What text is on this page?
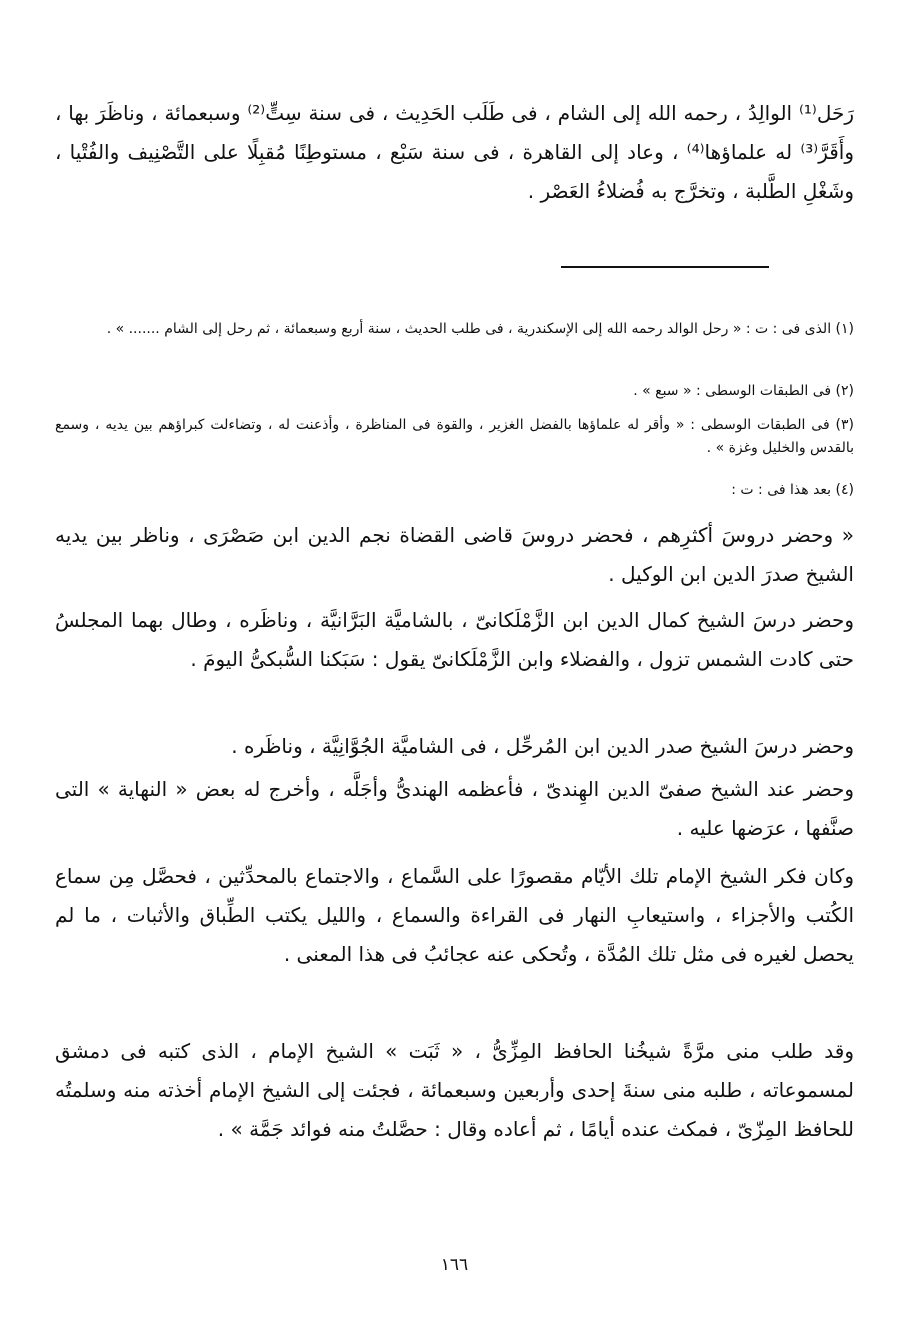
رَحَل⁽¹⁾ الوالِدُ ، رحمه الله إلى الشام ، فى طَلَب الحَدِيث ، فى سنة سِتٍّ⁽²⁾ وسبعمائة ، وناظَرَ بها ، وأَقَرَّ⁽³⁾ له علماؤها⁽⁴⁾ ، وعاد إلى القاهرة ، فى سنة سَبْع ، مستوطِنًا مُقبِلًا على التَّصْنِيف والفُتْيا ، وشَغْلِ الطَّلبة ، وتخرَّج به فُضلاءُ العَصْر .

(١) الذى فى : ت : « رحل الوالد رحمه الله إلى الإسكندرية ، فى طلب الحديث ، سنة أربع وسبعمائة ، ثم رحل إلى الشام ....... » .

(٢) فى الطبقات الوسطى : « سبع » .

(٣) فى الطبقات الوسطى : « وأقر له علماؤها بالفضل الغزير ، والقوة فى المناظرة ، وأذعنت له ، وتضاءلت كبراؤهم بين يديه ، وسمع بالقدس والخليل وغزة » .

(٤) بعد هذا فى : ت :

« وحضر دروسَ أكثرِهم ، فحضر دروسَ قاضى القضاة نجم الدين ابن صَصْرَى ، وناظر بين يديه الشيخ صدرَ الدين ابن الوكيل .

وحضر درسَ الشيخ كمال الدين ابن الزَّمْلَكانىّ ، بالشاميَّة البَرَّانيَّة ، وناظَره ، وطال بهما المجلسُ حتى كادت الشمس تزول ، والفضلاء وابن الزَّمْلَكانىّ يقول : سَبَكنا السُّبكىُّ اليومَ .

وحضر درسَ الشيخ صدر الدين ابن المُرحِّل ، فى الشاميَّة الجُوَّانِيَّة ، وناظَره .

وحضر عند الشيخ صفىّ الدين الهِندىّ ، فأعظمه الهندىُّ وأجَلَّه ، وأخرج له بعض « النهاية » التى صنَّفها ، عرَضها عليه .

وكان فكر الشيخ الإمام تلك الأيّام مقصورًا على السَّماع ، والاجتماع بالمحدِّثين ، فحصَّل مِن سماع الكُتب والأجزاء ، واستيعابِ النهار فى القراءة والسماع ، والليل يكتب الطِّباق والأثبات ، ما لم يحصل لغيره فى مثل تلك المُدَّة ، وتُحكى عنه عجائبُ فى هذا المعنى .

وقد طلب منى مرَّةً شيخُنا الحافظ المِزِّىُّ ، « ثَبَت » الشيخ الإمام ، الذى كتبه فى دمشق لمسموعاته ، طلبه منى سنةَ إحدى وأربعين وسبعمائة ، فجئت إلى الشيخ الإمام أخذته منه وسلمتُه للحافظ المِزّىّ ، فمكث عنده أيامًا ، ثم أعاده وقال : حصَّلتُ منه فوائد جَمَّة » .

١٦٦
